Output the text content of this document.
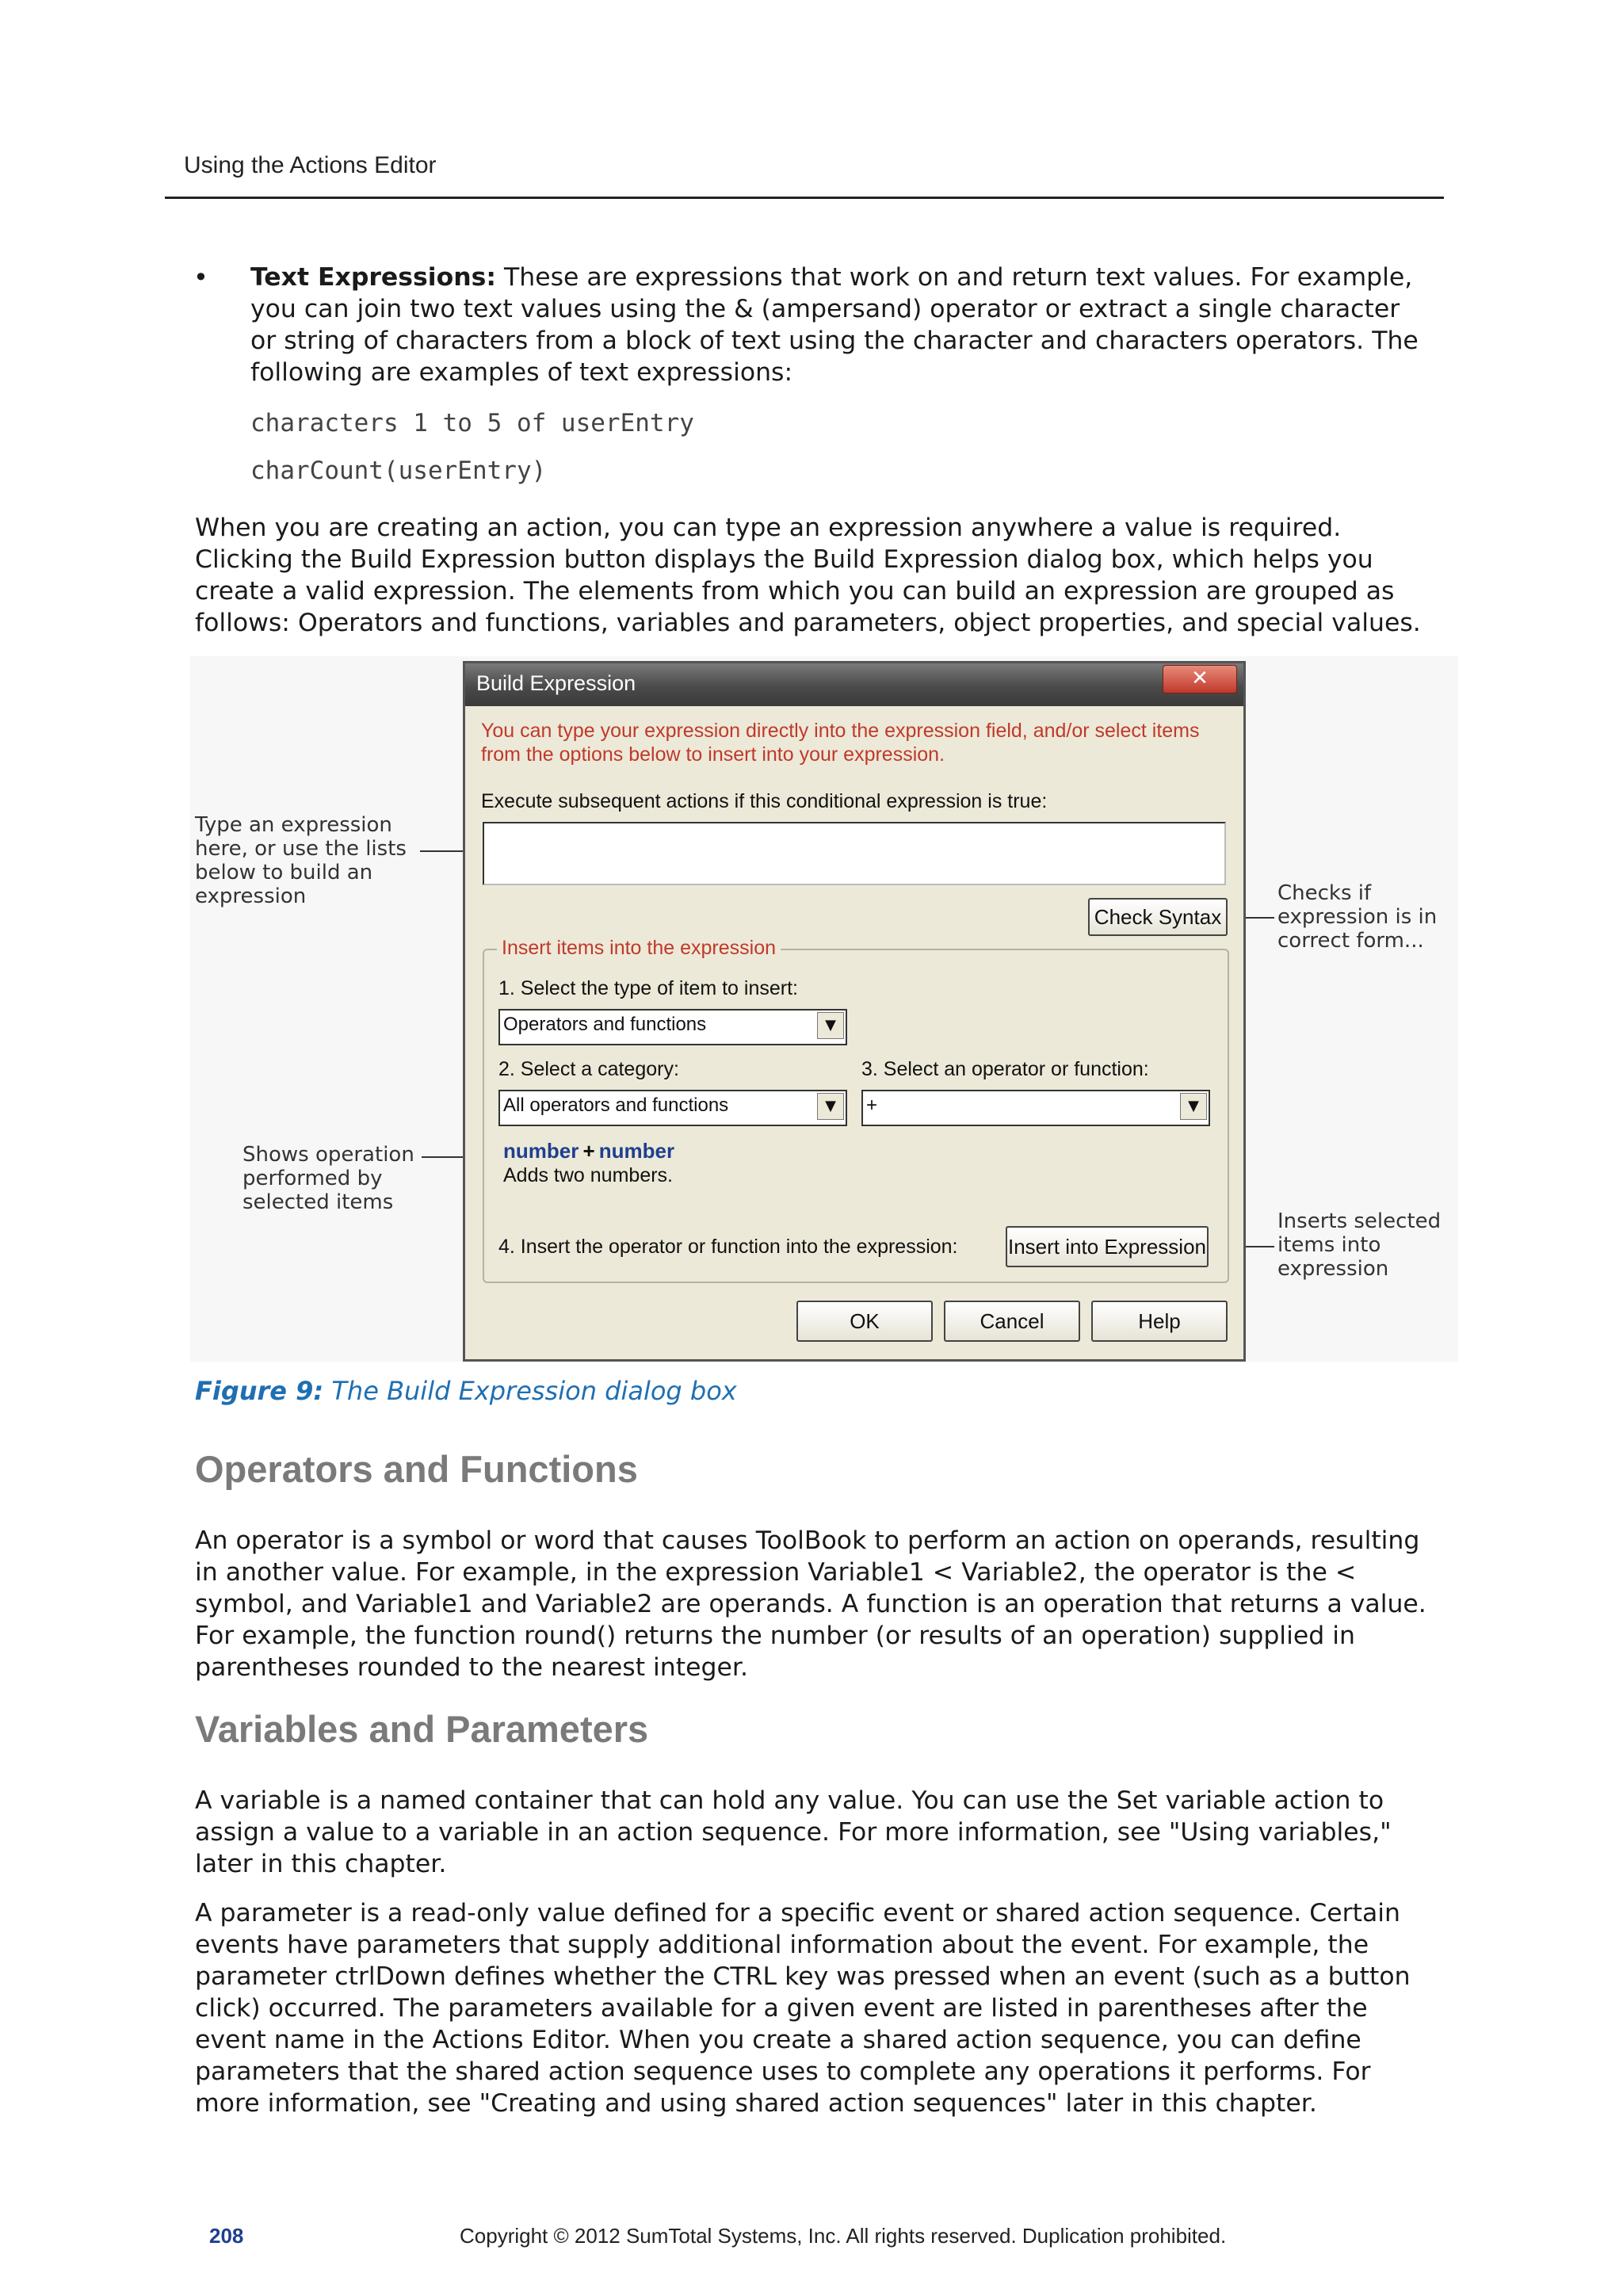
Using the Actions Editor
• Text Expressions: These are expressions that work on and return text values. For example,
you can join two text values using the & (ampersand) operator or extract a single character
or string of characters from a block of text using the character and characters operators. The
following are examples of text expressions:
characters 1 to 5 of userEntry
charCount(userEntry)
When you are creating an action, you can type an expression anywhere a value is required.
Clicking the Build Expression button displays the Build Expression dialog box, which helps you
create a valid expression. The elements from which you can build an expression are grouped as
follows: Operators and functions, variables and parameters, object properties, and special values.
Type an expression
here, or use the lists
below to build an
expression
Shows operation
performed by
selected items
Checks if
expression is in
correct form...
Inserts selected
items into
expression
Build Expression	✕
You can type your expression directly into the expression field, and/or select items
from the options below to insert into your expression.
Execute subsequent actions if this conditional expression is true:
Check Syntax
Insert items into the expression
1. Select the type of item to insert:
Operators and functions	▼
2. Select a category:	3. Select an operator or function:
All operators and functions	▼	+	▼
number + number
Adds two numbers.
4. Insert the operator or function into the expression: Insert into Expression
OK	Cancel	Help
Figure 9: The Build Expression dialog box
Operators and Functions
An operator is a symbol or word that causes ToolBook to perform an action on operands, resulting
in another value. For example, in the expression Variable1 < Variable2, the operator is the <
symbol, and Variable1 and Variable2 are operands. A function is an operation that returns a value.
For example, the function round() returns the number (or results of an operation) supplied in
parentheses rounded to the nearest integer.
Variables and Parameters
A variable is a named container that can hold any value. You can use the Set variable action to
assign a value to a variable in an action sequence. For more information, see "Using variables,"
later in this chapter.
A parameter is a read-only value defined for a specific event or shared action sequence. Certain
events have parameters that supply additional information about the event. For example, the
parameter ctrlDown defines whether the CTRL key was pressed when an event (such as a button
click) occurred. The parameters available for a given event are listed in parentheses after the
event name in the Actions Editor. When you create a shared action sequence, you can define
parameters that the shared action sequence uses to complete any operations it performs. For
more information, see "Creating and using shared action sequences" later in this chapter.
208	Copyright © 2012 SumTotal Systems, Inc. All rights reserved. Duplication prohibited.
